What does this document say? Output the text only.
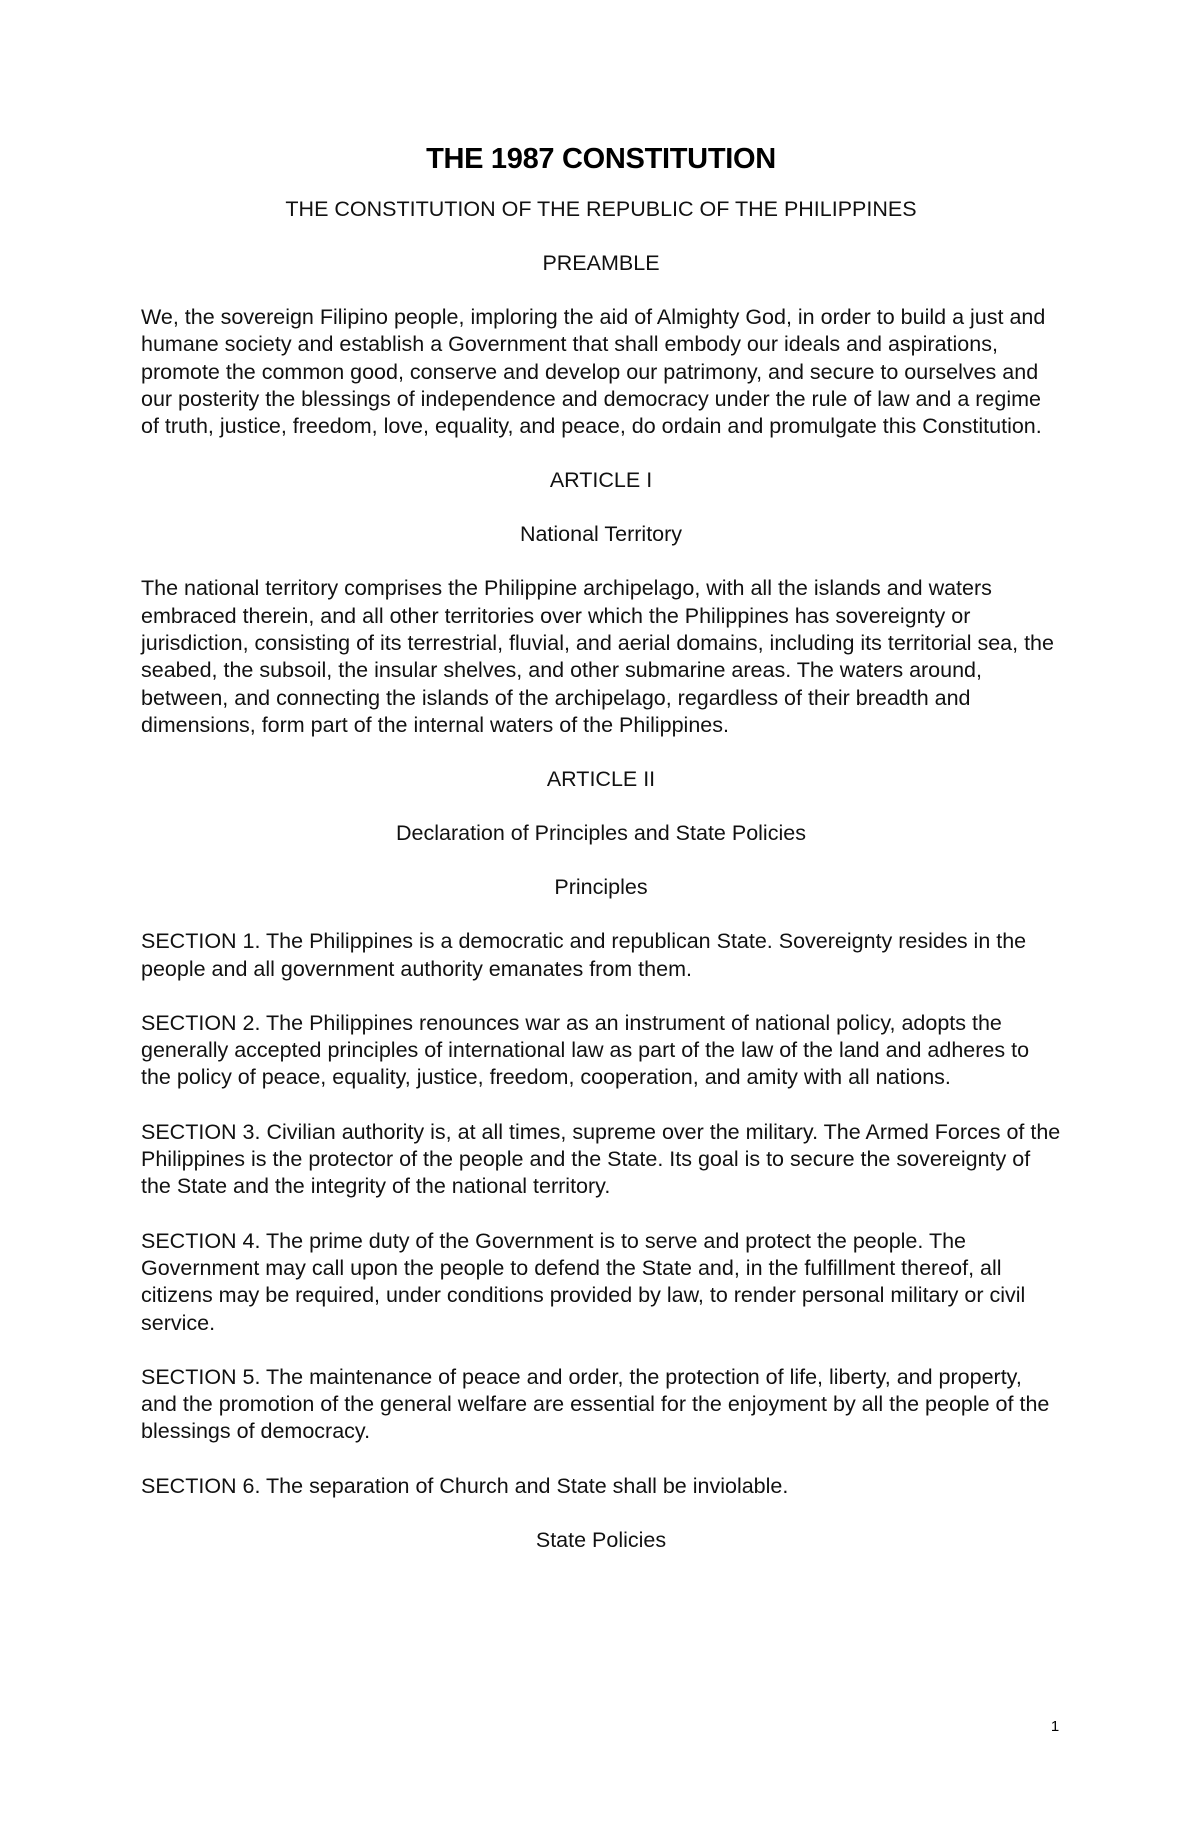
THE 1987 CONSTITUTION
THE CONSTITUTION OF THE REPUBLIC OF THE PHILIPPINES
PREAMBLE
We, the sovereign Filipino people, imploring the aid of Almighty God, in order to build a just and humane society and establish a Government that shall embody our ideals and aspirations, promote the common good, conserve and develop our patrimony, and secure to ourselves and our posterity the blessings of independence and democracy under the rule of law and a regime of truth, justice, freedom, love, equality, and peace, do ordain and promulgate this Constitution.
ARTICLE I
National Territory
The national territory comprises the Philippine archipelago, with all the islands and waters embraced therein, and all other territories over which the Philippines has sovereignty or jurisdiction, consisting of its terrestrial, fluvial, and aerial domains, including its territorial sea, the seabed, the subsoil, the insular shelves, and other submarine areas. The waters around, between, and connecting the islands of the archipelago, regardless of their breadth and dimensions, form part of the internal waters of the Philippines.
ARTICLE II
Declaration of Principles and State Policies
Principles
SECTION 1. The Philippines is a democratic and republican State. Sovereignty resides in the people and all government authority emanates from them.
SECTION 2. The Philippines renounces war as an instrument of national policy, adopts the generally accepted principles of international law as part of the law of the land and adheres to the policy of peace, equality, justice, freedom, cooperation, and amity with all nations.
SECTION 3. Civilian authority is, at all times, supreme over the military. The Armed Forces of the Philippines is the protector of the people and the State. Its goal is to secure the sovereignty of the State and the integrity of the national territory.
SECTION 4. The prime duty of the Government is to serve and protect the people. The Government may call upon the people to defend the State and, in the fulfillment thereof, all citizens may be required, under conditions provided by law, to render personal military or civil service.
SECTION 5. The maintenance of peace and order, the protection of life, liberty, and property, and the promotion of the general welfare are essential for the enjoyment by all the people of the blessings of democracy.
SECTION 6. The separation of Church and State shall be inviolable.
State Policies
1
